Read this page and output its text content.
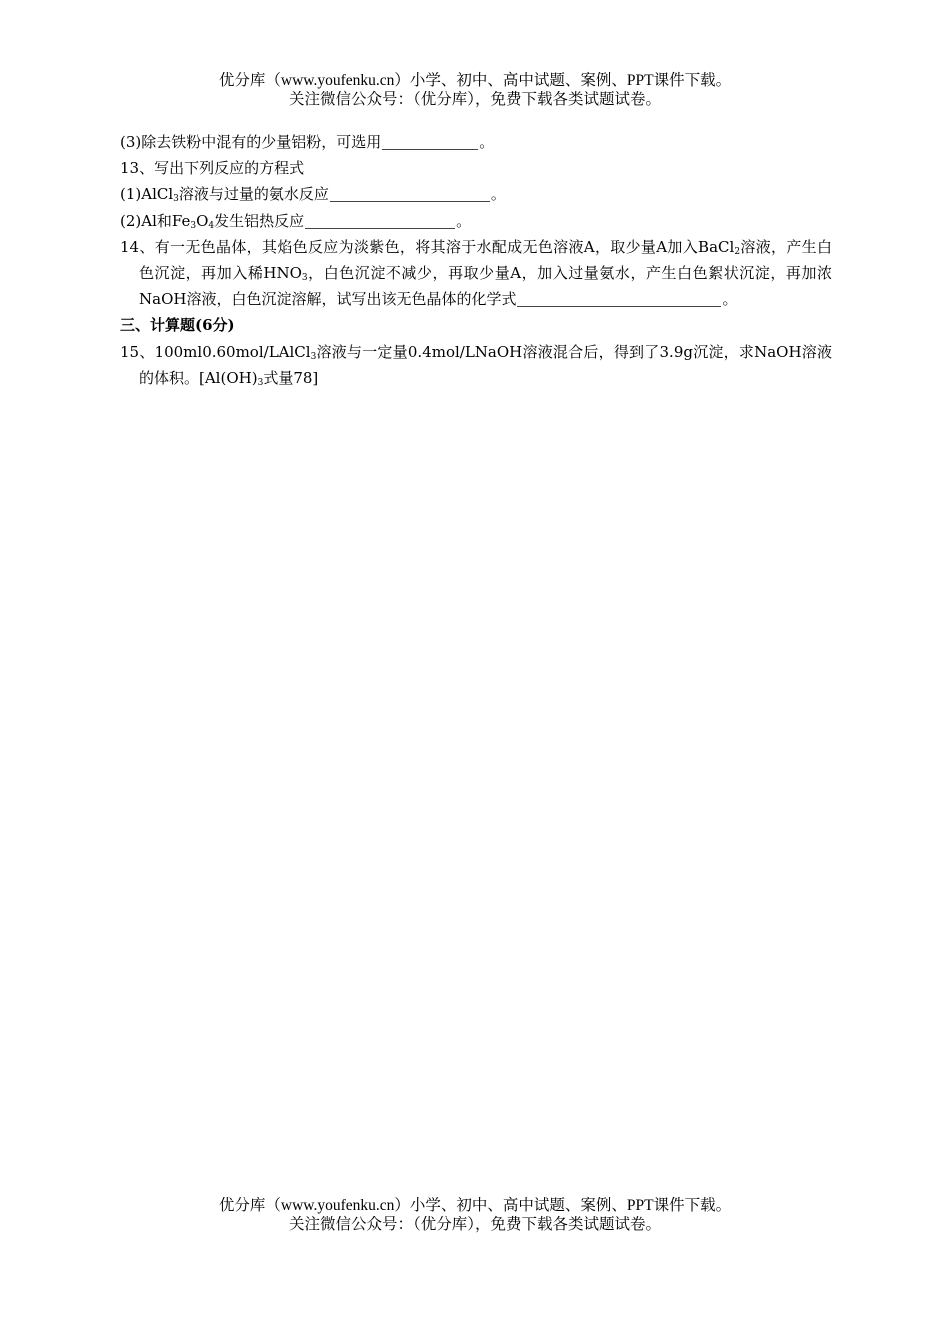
优分库（www.youfenku.cn）小学、初中、高中试题、案例、PPT课件下载。
关注微信公众号：（优分库），免费下载各类试题试卷。
(3)除去铁粉中混有的少量铝粉，可选用	。
13、写出下列反应的方程式
(1)AlCl$_3$溶液与过量的氨水反应	。
(2)Al和$Fe_3O_4$发生铝热反应	。
14、有一无色晶体，其焰色反应为淡紫色，将其溶于水配成无色溶液A，取少量A加入BaCl$_2$溶液，产生白色沉淀，再加入稀$HNO_3$，白色沉淀不减少，再取少量A，加入过量氨水，产生白色絮状沉淀，再加浓NaOH溶液，白色沉淀溶解，试写出该无色晶体的化学式	。
三、计算题(6分)
15、100ml0.60mol/LAlCl$_3$溶液与一定量0.4mol/LNaOH溶液混合后，得到了3.9g沉淀，求NaOH溶液的体积。[$Al(OH)_3$式量78]
优分库（www.youfenku.cn）小学、初中、高中试题、案例、PPT课件下载。
关注微信公众号：（优分库），免费下载各类试题试卷。
